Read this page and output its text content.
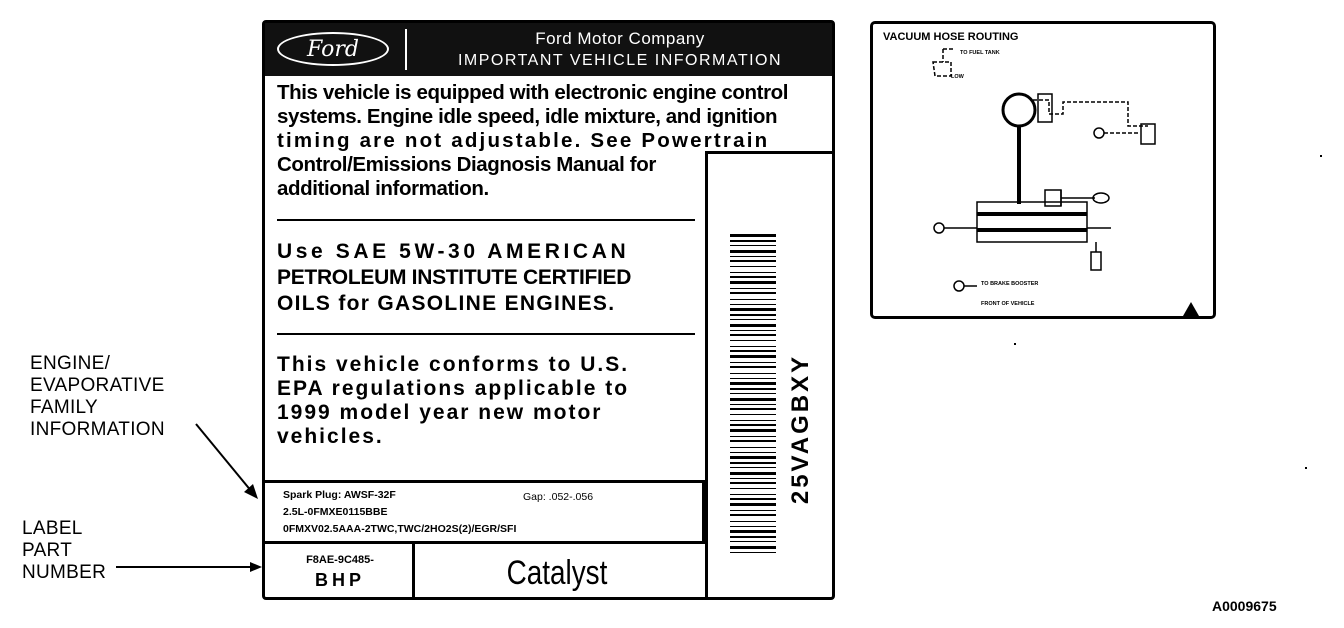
ENGINE/
EVAPORATIVE
FAMILY
INFORMATION
LABEL
PART
NUMBER
Ford	Ford Motor Company
IMPORTANT VEHICLE INFORMATION
This vehicle is equipped with electronic engine control
systems. Engine idle speed, idle mixture, and ignition
timing are not adjustable. See Powertrain
Control/Emissions Diagnosis Manual for
additional information.
Use SAE 5W-30 AMERICAN
PETROLEUM INSTITUTE CERTIFIED
OILS for GASOLINE ENGINES.
This vehicle conforms to U.S.
EPA regulations applicable to
1999 model year new motor
vehicles.	25VAGBXY
Spark Plug: AWSF-32F	Gap: .052-.056
2.5L-0FMXE0115BBE
0FMXV02.5AAA-2TWC,TWC/2HO2S(2)/EGR/SFI
F8AE-9C485-
BHP	Catalyst
VACUUM HOSE ROUTING
TO FUEL TANK
LOW
TO BRAKE BOOSTER
FRONT OF VEHICLE
A0009675
